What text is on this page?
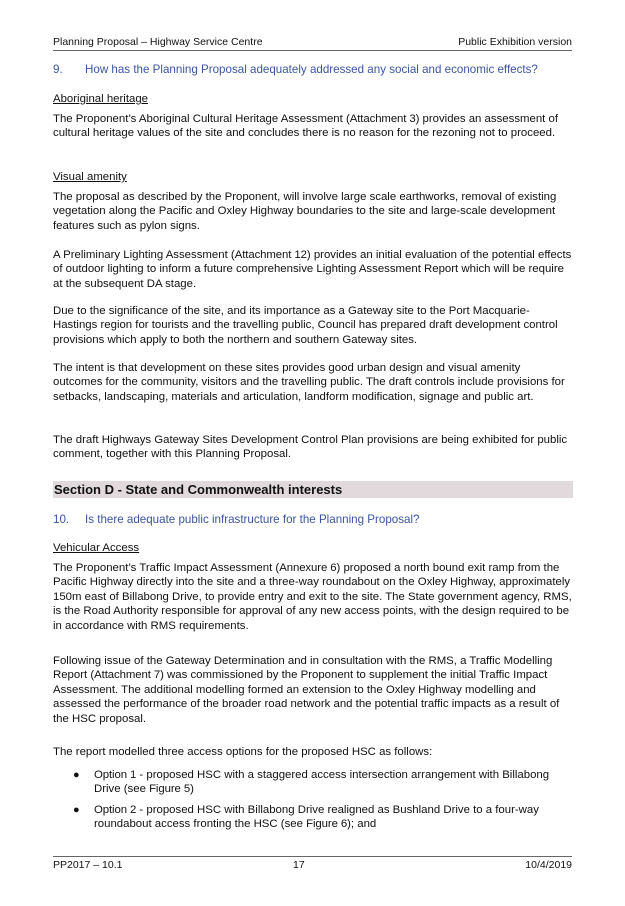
Planning Proposal – Highway Service Centre	Public Exhibition version
9. How has the Planning Proposal adequately addressed any social and economic effects?
Aboriginal heritage
The Proponent’s Aboriginal Cultural Heritage Assessment (Attachment 3) provides an assessment of cultural heritage values of the site and concludes there is no reason for the rezoning not to proceed.
Visual amenity
The proposal as described by the Proponent, will involve large scale earthworks, removal of existing vegetation along the Pacific and Oxley Highway boundaries to the site and large-scale development features such as pylon signs.
A Preliminary Lighting Assessment (Attachment 12) provides an initial evaluation of the potential effects of outdoor lighting to inform a future comprehensive Lighting Assessment Report which will be require at the subsequent DA stage.
Due to the significance of the site, and its importance as a Gateway site to the Port Macquarie-Hastings region for tourists and the travelling public, Council has prepared draft development control provisions which apply to both the northern and southern Gateway sites.
The intent is that development on these sites provides good urban design and visual amenity outcomes for the community, visitors and the travelling public. The draft controls include provisions for setbacks, landscaping, materials and articulation, landform modification, signage and public art.
The draft Highways Gateway Sites Development Control Plan provisions are being exhibited for public comment, together with this Planning Proposal.
Section D - State and Commonwealth interests
10. Is there adequate public infrastructure for the Planning Proposal?
Vehicular Access
The Proponent’s Traffic Impact Assessment (Annexure 6) proposed a north bound exit ramp from the Pacific Highway directly into the site and a three-way roundabout on the Oxley Highway, approximately 150m east of Billabong Drive, to provide entry and exit to the site. The State government agency, RMS, is the Road Authority responsible for approval of any new access points, with the design required to be in accordance with RMS requirements.
Following issue of the Gateway Determination and in consultation with the RMS, a Traffic Modelling Report (Attachment 7) was commissioned by the Proponent to supplement the initial Traffic Impact Assessment. The additional modelling formed an extension to the Oxley Highway modelling and assessed the performance of the broader road network and the potential traffic impacts as a result of the HSC proposal.
The report modelled three access options for the proposed HSC as follows:
● Option 1 - proposed HSC with a staggered access intersection arrangement with Billabong Drive (see Figure 5)
● Option 2 - proposed HSC with Billabong Drive realigned as Bushland Drive to a four-way roundabout access fronting the HSC (see Figure 6); and
PP2017 – 10.1	17	10/4/2019
